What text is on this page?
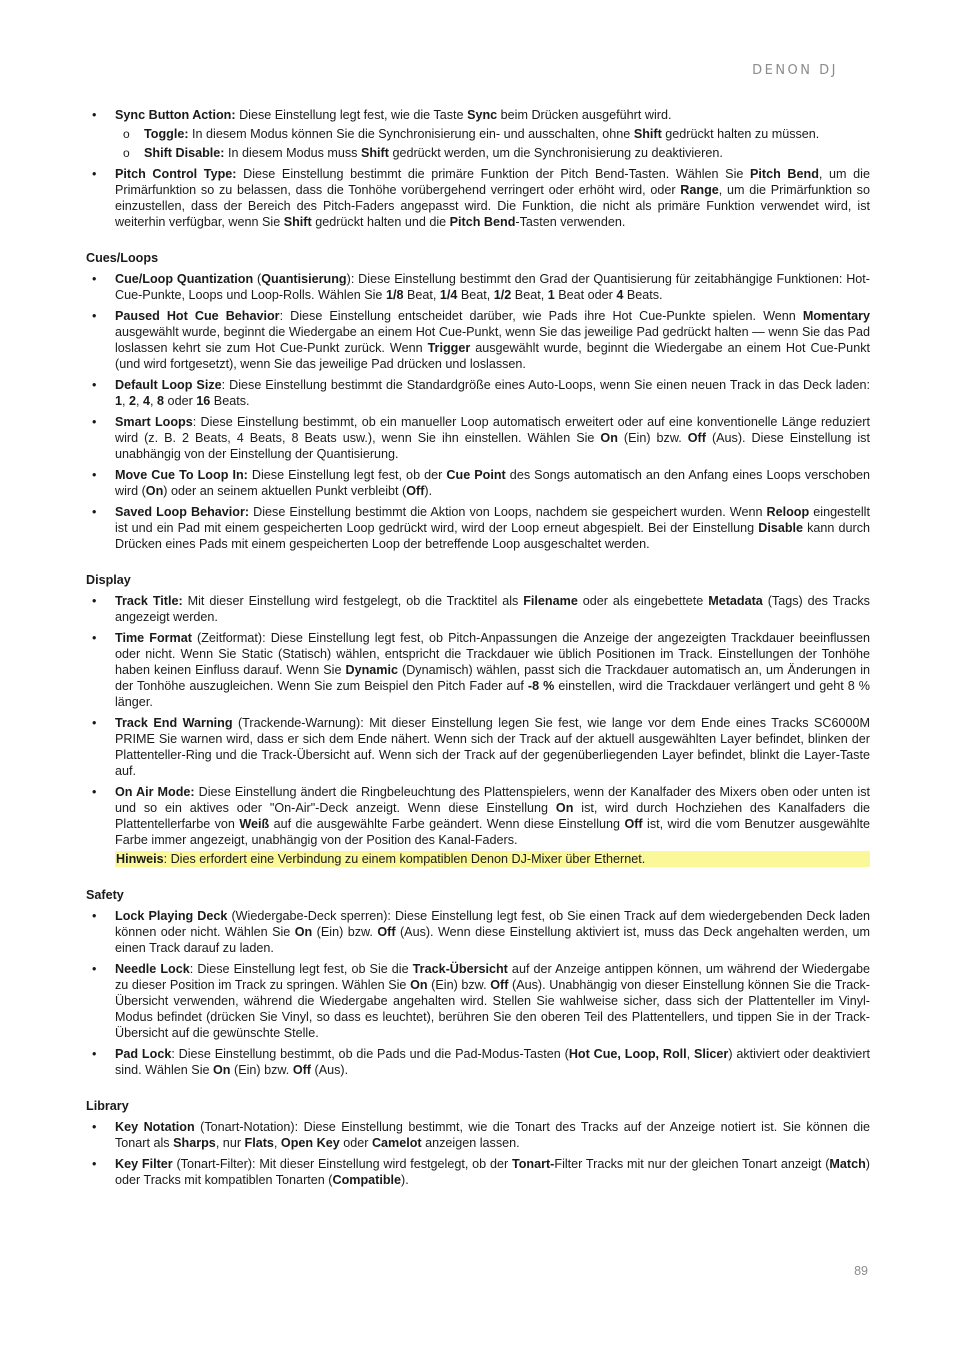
DENON DJ
• Sync Button Action: Diese Einstellung legt fest, wie die Taste Sync beim Drücken ausgeführt wird.
o Toggle: In diesem Modus können Sie die Synchronisierung ein- und ausschalten, ohne Shift gedrückt halten zu müssen.
o Shift Disable: In diesem Modus muss Shift gedrückt werden, um die Synchronisierung zu deaktivieren.
• Pitch Control Type: Diese Einstellung bestimmt die primäre Funktion der Pitch Bend-Tasten. Wählen Sie Pitch Bend, um die Primärfunktion so zu belassen, dass die Tonhöhe vorübergehend verringert oder erhöht wird, oder Range, um die Primärfunktion so einzustellen, dass der Bereich des Pitch-Faders angepasst wird. Die Funktion, die nicht als primäre Funktion verwendet wird, ist weiterhin verfügbar, wenn Sie Shift gedrückt halten und die Pitch Bend-Tasten verwenden.
Cues/Loops
• Cue/Loop Quantization (Quantisierung): Diese Einstellung bestimmt den Grad der Quantisierung für zeitabhängige Funktionen: Hot-Cue-Punkte, Loops und Loop-Rolls. Wählen Sie 1/8 Beat, 1/4 Beat, 1/2 Beat, 1 Beat oder 4 Beats.
• Paused Hot Cue Behavior: Diese Einstellung entscheidet darüber, wie Pads ihre Hot Cue-Punkte spielen. Wenn Momentary ausgewählt wurde, beginnt die Wiedergabe an einem Hot Cue-Punkt, wenn Sie das jeweilige Pad gedrückt halten — wenn Sie das Pad loslassen kehrt sie zum Hot Cue-Punkt zurück. Wenn Trigger ausgewählt wurde, beginnt die Wiedergabe an einem Hot Cue-Punkt (und wird fortgesetzt), wenn Sie das jeweilige Pad drücken und loslassen.
• Default Loop Size: Diese Einstellung bestimmt die Standardgröße eines Auto-Loops, wenn Sie einen neuen Track in das Deck laden: 1, 2, 4, 8 oder 16 Beats.
• Smart Loops: Diese Einstellung bestimmt, ob ein manueller Loop automatisch erweitert oder auf eine konventionelle Länge reduziert wird (z. B. 2 Beats, 4 Beats, 8 Beats usw.), wenn Sie ihn einstellen. Wählen Sie On (Ein) bzw. Off (Aus). Diese Einstellung ist unabhängig von der Einstellung der Quantisierung.
• Move Cue To Loop In: Diese Einstellung legt fest, ob der Cue Point des Songs automatisch an den Anfang eines Loops verschoben wird (On) oder an seinem aktuellen Punkt verbleibt (Off).
• Saved Loop Behavior: Diese Einstellung bestimmt die Aktion von Loops, nachdem sie gespeichert wurden. Wenn Reloop eingestellt ist und ein Pad mit einem gespeicherten Loop gedrückt wird, wird der Loop erneut abgespielt. Bei der Einstellung Disable kann durch Drücken eines Pads mit einem gespeicherten Loop der betreffende Loop ausgeschaltet werden.
Display
• Track Title: Mit dieser Einstellung wird festgelegt, ob die Tracktitel als Filename oder als eingebettete Metadata (Tags) des Tracks angezeigt werden.
• Time Format (Zeitformat): Diese Einstellung legt fest, ob Pitch-Anpassungen die Anzeige der angezeigten Trackdauer beeinflussen oder nicht. Wenn Sie Static (Statisch) wählen, entspricht die Trackdauer wie üblich Positionen im Track. Einstellungen der Tonhöhe haben keinen Einfluss darauf. Wenn Sie Dynamic (Dynamisch) wählen, passt sich die Trackdauer automatisch an, um Änderungen in der Tonhöhe auszugleichen. Wenn Sie zum Beispiel den Pitch Fader auf -8 % einstellen, wird die Trackdauer verlängert und geht 8 % länger.
• Track End Warning (Trackende-Warnung): Mit dieser Einstellung legen Sie fest, wie lange vor dem Ende eines Tracks SC6000M PRIME Sie warnen wird, dass er sich dem Ende nähert. Wenn sich der Track auf der aktuell ausgewählten Layer befindet, blinken der Plattenteller-Ring und die Track-Übersicht auf. Wenn sich der Track auf der gegenüberliegenden Layer befindet, blinkt die Layer-Taste auf.
• On Air Mode: Diese Einstellung ändert die Ringbeleuchtung des Plattenspielers, wenn der Kanalfader des Mixers oben oder unten ist und so ein aktives oder "On-Air"-Deck anzeigt. Wenn diese Einstellung On ist, wird durch Hochziehen des Kanalfaders die Plattentellerfarbe von Weiß auf die ausgewählte Farbe geändert. Wenn diese Einstellung Off ist, wird die vom Benutzer ausgewählte Farbe immer angezeigt, unabhängig von der Position des Kanal-Faders.
Hinweis: Dies erfordert eine Verbindung zu einem kompatiblen Denon DJ-Mixer über Ethernet.
Safety
• Lock Playing Deck (Wiedergabe-Deck sperren): Diese Einstellung legt fest, ob Sie einen Track auf dem wiedergebenden Deck laden können oder nicht. Wählen Sie On (Ein) bzw. Off (Aus). Wenn diese Einstellung aktiviert ist, muss das Deck angehalten werden, um einen Track darauf zu laden.
• Needle Lock: Diese Einstellung legt fest, ob Sie die Track-Übersicht auf der Anzeige antippen können, um während der Wiedergabe zu dieser Position im Track zu springen. Wählen Sie On (Ein) bzw. Off (Aus). Unabhängig von dieser Einstellung können Sie die Track-Übersicht verwenden, während die Wiedergabe angehalten wird. Stellen Sie wahlweise sicher, dass sich der Plattenteller im Vinyl-Modus befindet (drücken Sie Vinyl, so dass es leuchtet), berühren Sie den oberen Teil des Plattentellers, und tippen Sie in der Track-Übersicht auf die gewünschte Stelle.
• Pad Lock: Diese Einstellung bestimmt, ob die Pads und die Pad-Modus-Tasten (Hot Cue, Loop, Roll, Slicer) aktiviert oder deaktiviert sind. Wählen Sie On (Ein) bzw. Off (Aus).
Library
• Key Notation (Tonart-Notation): Diese Einstellung bestimmt, wie die Tonart des Tracks auf der Anzeige notiert ist. Sie können die Tonart als Sharps, nur Flats, Open Key oder Camelot anzeigen lassen.
• Key Filter (Tonart-Filter): Mit dieser Einstellung wird festgelegt, ob der Tonart-Filter Tracks mit nur der gleichen Tonart anzeigt (Match) oder Tracks mit kompatiblen Tonarten (Compatible).
89
